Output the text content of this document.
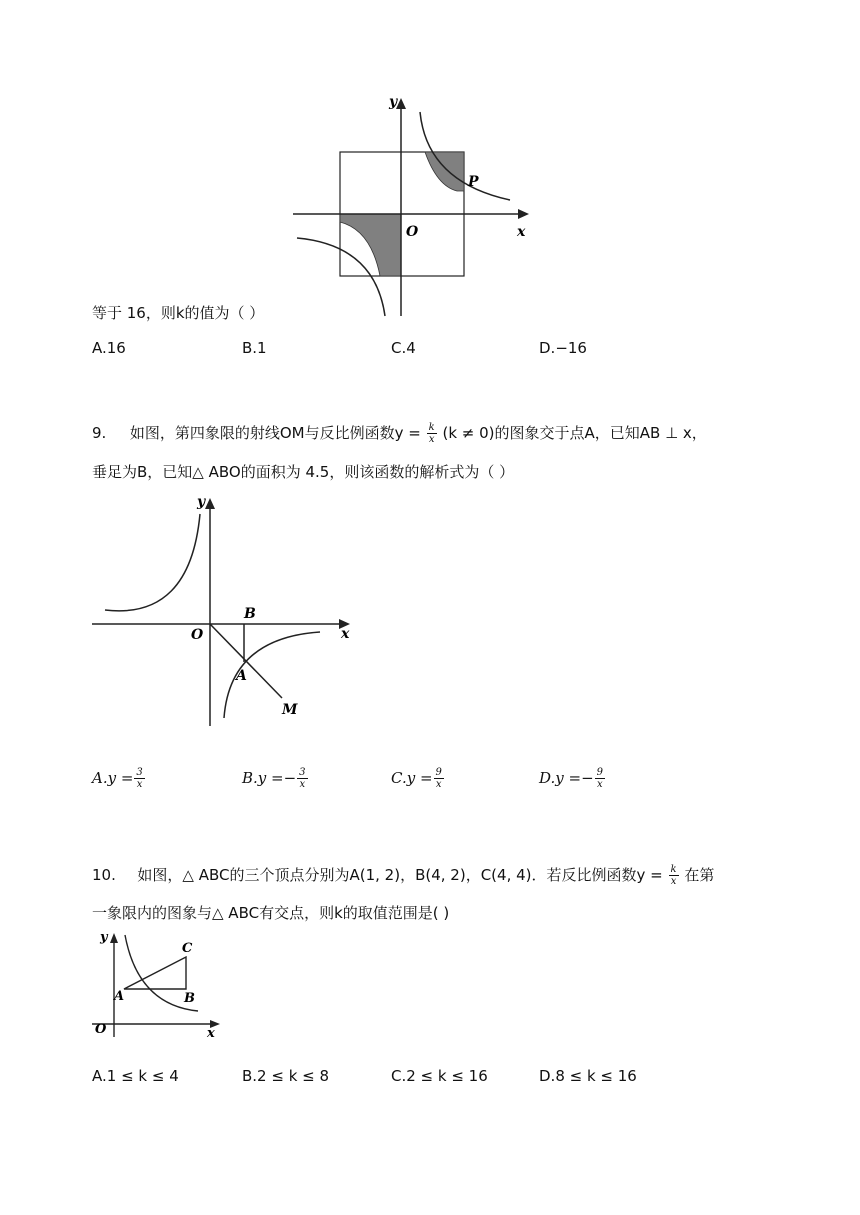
y
x
O
P
等于 16，则k的值为（ ）
A.16	B.1	C.4	D.−16
9. 如图，第四象限的射线OM与反比例函数$y = \frac{k}{x} (k \ne 0)$的图象交于点A，已知AB ⊥ x，
垂足为B，已知△ ABO的面积为 4.5，则该函数的解析式为（ ）
y
x
O
B
A
M
$A.y = \frac{3}{x}$	$B.y =- \frac{3}{x}$	$C.y = \frac{9}{x}$	$D.y =- \frac{9}{x}$
10. 如图，△ ABC的三个顶点分别为A(1, 2)，B(4, 2)，C(4, 4)．若反比例函数$y = \frac{k}{x}$ 在第
一象限内的图象与△ ABC有交点，则k的取值范围是( )
y
x
O
A	B
C
A.1 ≤ k ≤ 4	B.2 ≤ k ≤ 8	C.2 ≤ k ≤ 16	D.8 ≤ k ≤ 16
